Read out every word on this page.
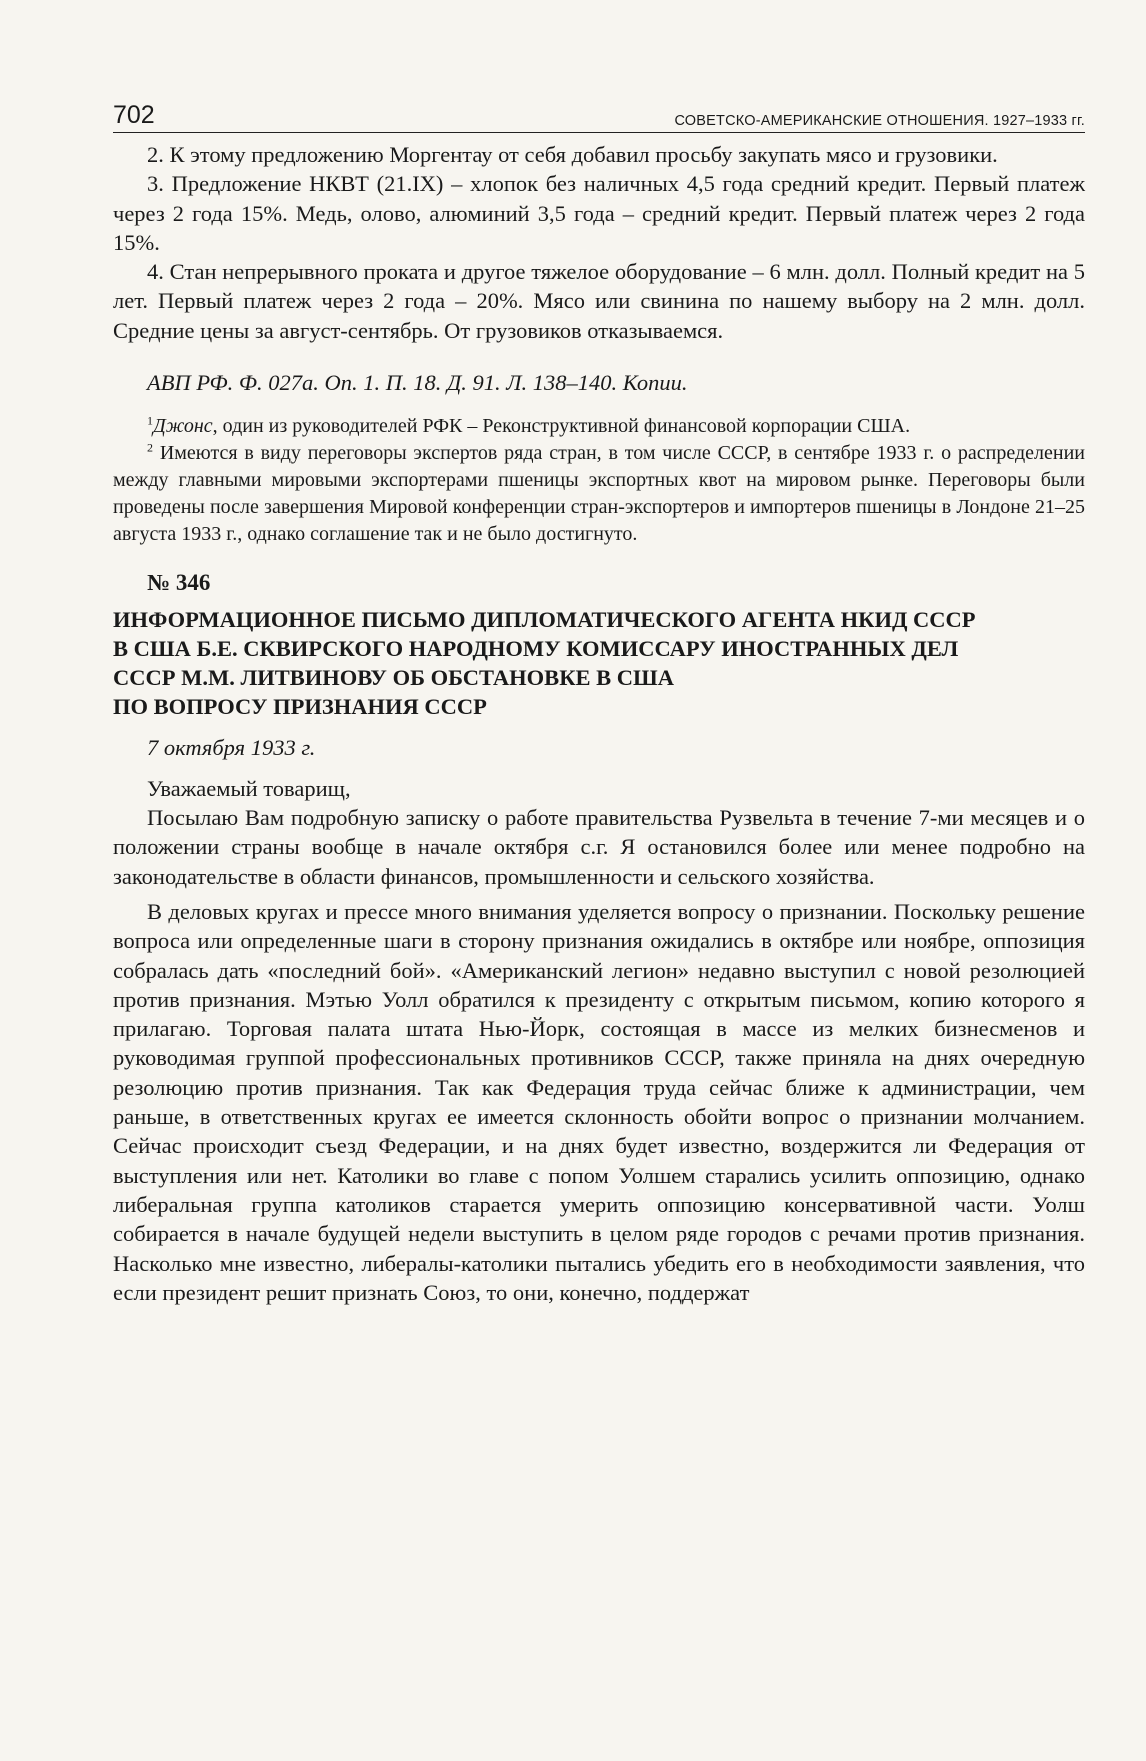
702	СОВЕТСКО-АМЕРИКАНСКИЕ ОТНОШЕНИЯ. 1927–1933 гг.

2. К этому предложению Моргентау от себя добавил просьбу закупать мясо и грузовики.

3. Предложение НКВТ (21.IX) – хлопок без наличных 4,5 года средний кредит. Первый платеж через 2 года 15%. Медь, олово, алюминий 3,5 года – средний кредит. Первый платеж через 2 года 15%.

4. Стан непрерывного проката и другое тяжелое оборудование – 6 млн. долл. Полный кредит на 5 лет. Первый платеж через 2 года – 20%. Мясо или свинина по нашему выбору на 2 млн. долл. Средние цены за август-сентябрь. От грузовиков отказываемся.

АВП РФ. Ф. 027а. Оп. 1. П. 18. Д. 91. Л. 138–140. Копии.

$^1$Джонс, один из руководителей РФК – Реконструктивной финансовой корпорации США.

$^2$ Имеются в виду переговоры экспертов ряда стран, в том числе СССР, в сентябре 1933 г. о распределении между главными мировыми экспортерами пшеницы экспортных квот на мировом рынке. Переговоры были проведены после завершения Мировой конференции стран-экспортеров и импортеров пшеницы в Лондоне 21–25 августа 1933 г., однако соглашение так и не было достигнуто.

№ 346
ИНФОРМАЦИОННОЕ ПИСЬМО ДИПЛОМАТИЧЕСКОГО АГЕНТА НКИД СССР
В США Б.Е. СКВИРСКОГО НАРОДНОМУ КОМИССАРУ ИНОСТРАННЫХ ДЕЛ
СССР М.М. ЛИТВИНОВУ ОБ ОБСТАНОВКЕ В США
ПО ВОПРОСУ ПРИЗНАНИЯ СССР
7 октября 1933 г.

Уважаемый товарищ,

Посылаю Вам подробную записку о работе правительства Рузвельта в течение 7-ми месяцев и о положении страны вообще в начале октября с.г. Я остановился более или менее подробно на законодательстве в области финансов, промышленности и сельского хозяйства.

В деловых кругах и прессе много внимания уделяется вопросу о признании. Поскольку решение вопроса или определенные шаги в сторону признания ожидались в октябре или ноябре, оппозиция собралась дать «последний бой». «Американский легион» недавно выступил с новой резолюцией против признания. Мэтью Уолл обратился к президенту с открытым письмом, копию которого я прилагаю. Торговая палата штата Нью-Йорк, состоящая в массе из мелких бизнесменов и руководимая группой профессиональных противников СССР, также приняла на днях очередную резолюцию против признания. Так как Федерация труда сейчас ближе к администрации, чем раньше, в ответственных кругах ее имеется склонность обойти вопрос о признании молчанием. Сейчас происходит съезд Федерации, и на днях будет известно, воздержится ли Федерация от выступления или нет. Католики во главе с попом Уолшем старались усилить оппозицию, однако либеральная группа католиков старается умерить оппозицию консервативной части. Уолш собирается в начале будущей недели выступить в целом ряде городов с речами против признания. Насколько мне известно, либералы-католики пытались убедить его в необходимости заявления, что если президент решит признать Союз, то они, конечно, поддержат
